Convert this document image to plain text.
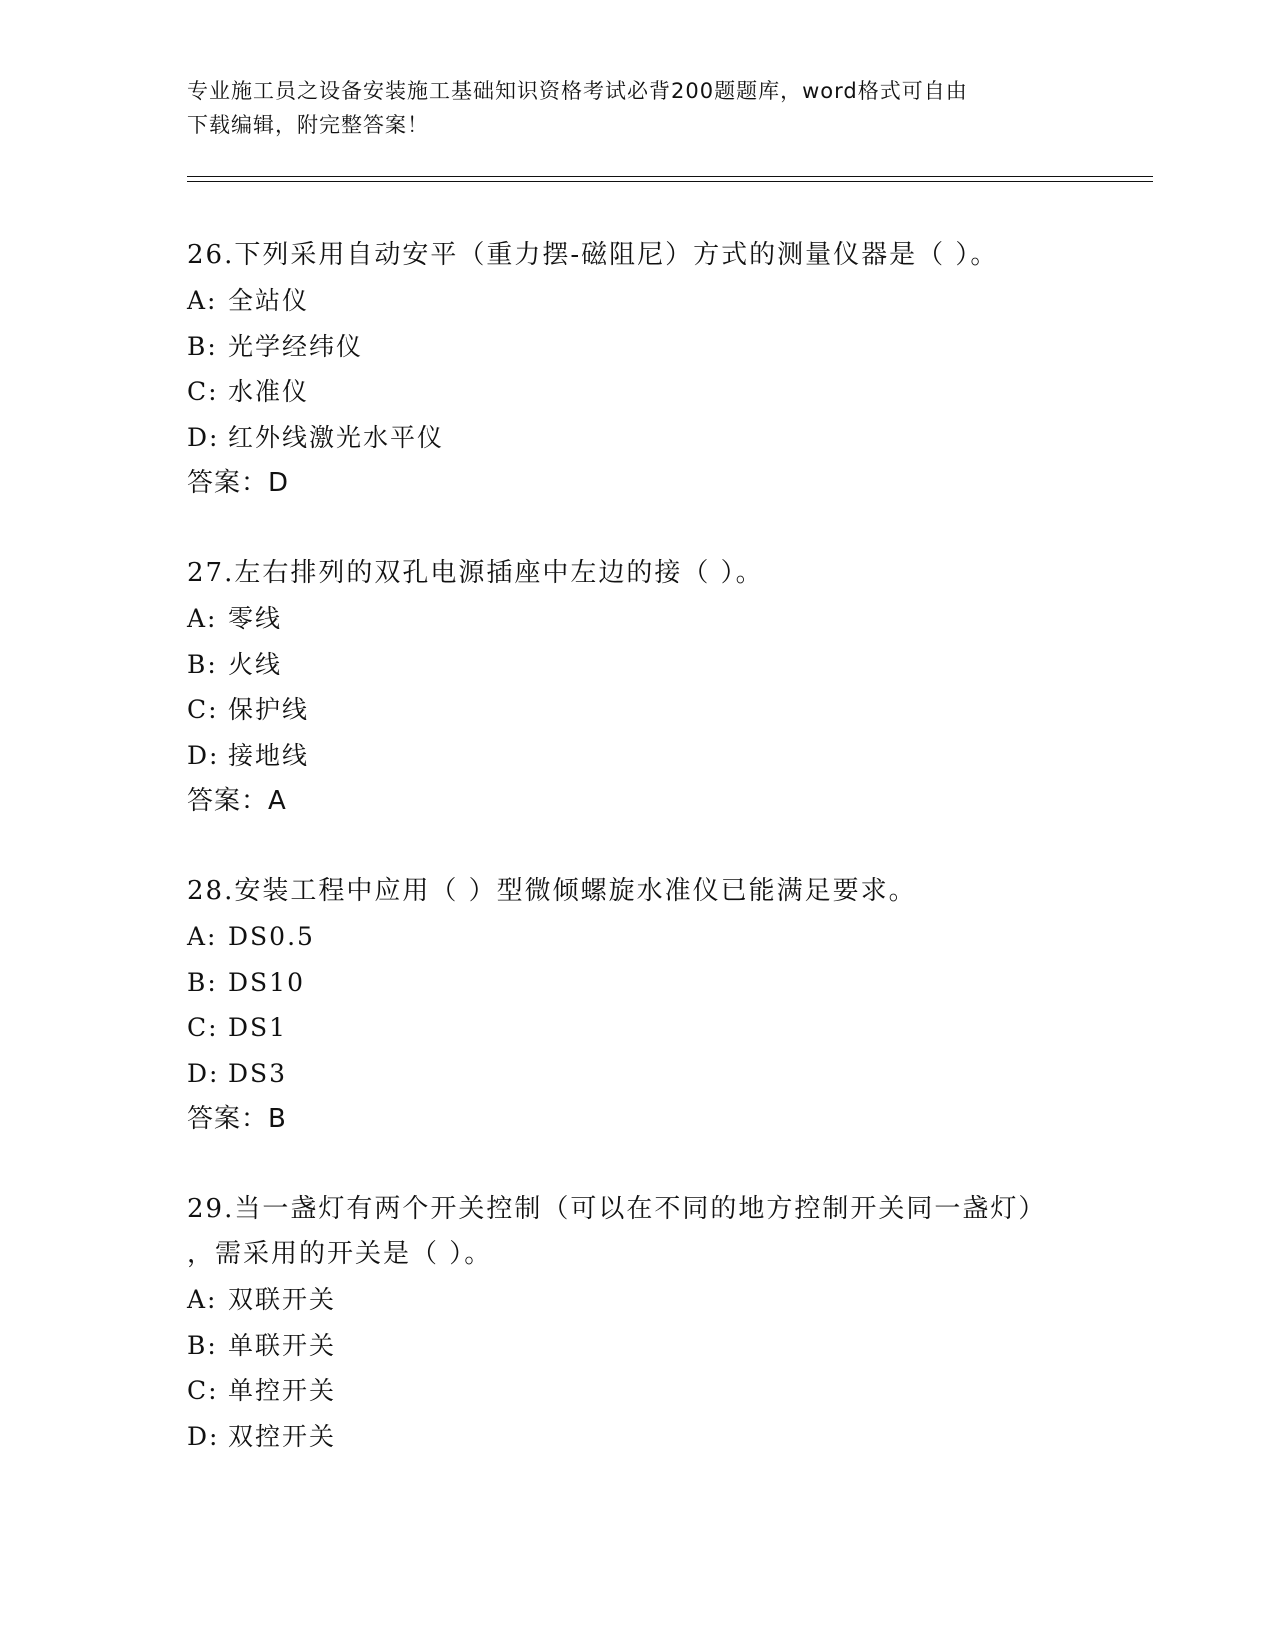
专业施工员之设备安装施工基础知识资格考试必背200题题库，word格式可自由
下载编辑，附完整答案！

26.下列采用自动安平（重力摆-磁阻尼）方式的测量仪器是（ ）。

A: 全站仪
B: 光学经纬仪
C: 水准仪
D: 红外线激光水平仪
答案：D

27.左右排列的双孔电源插座中左边的接（ ）。

A: 零线
B: 火线
C: 保护线
D: 接地线
答案：A

28.安装工程中应用（ ）型微倾螺旋水准仪已能满足要求。

A: DS0.5
B: DS10
C: DS1
D: DS3
答案：B

29.当一盏灯有两个开关控制（可以在不同的地方控制开关同一盏灯）

，需采用的开关是（ ）。

A: 双联开关
B: 单联开关
C: 单控开关
D: 双控开关
